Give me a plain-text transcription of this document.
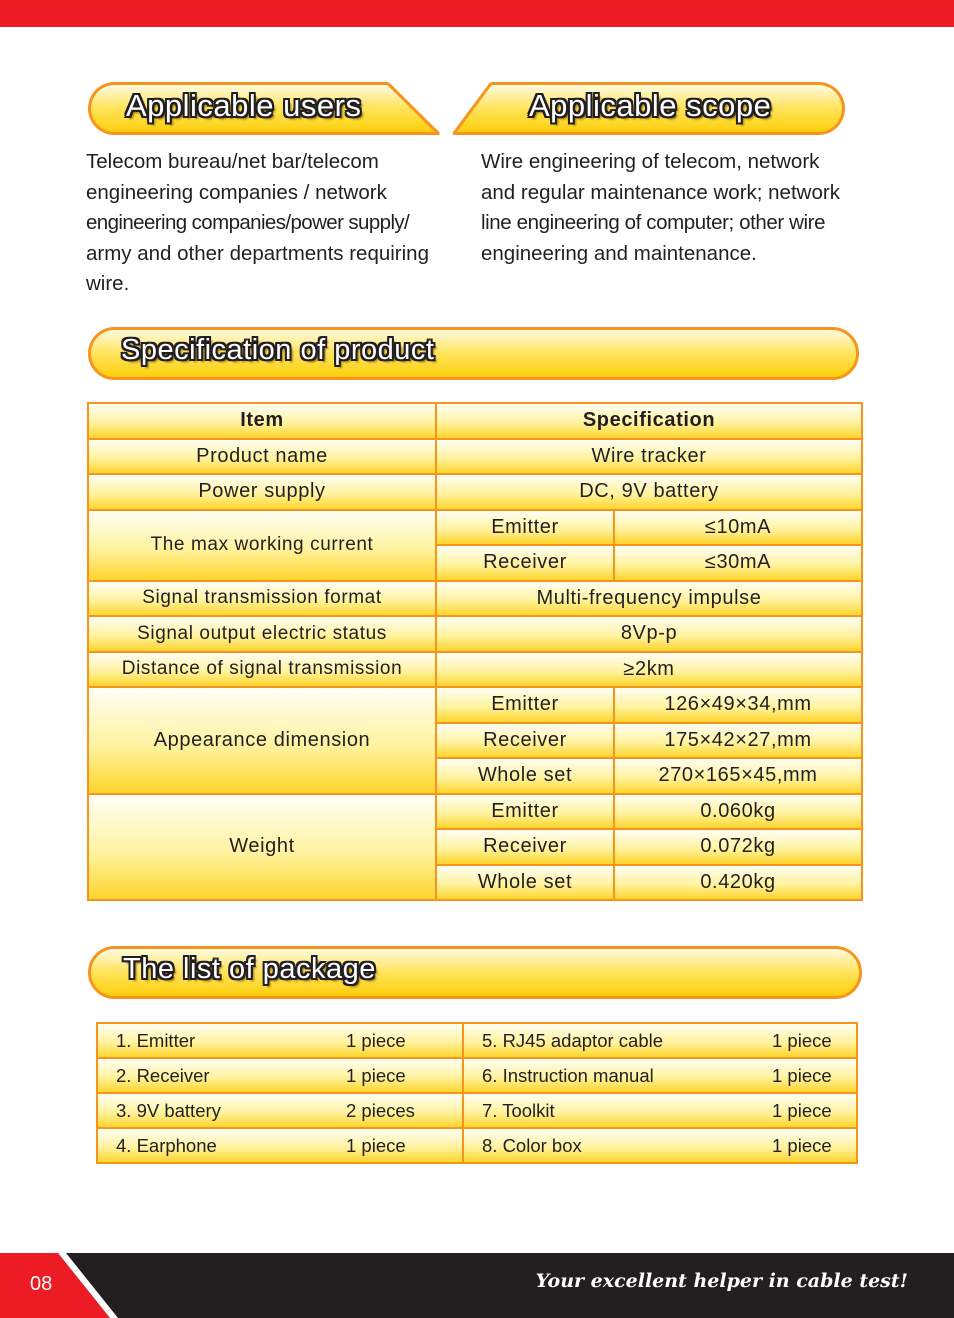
Applicable users	Applicable scope
Telecom bureau/net bar/telecom
engineering companies / network
engineering companies/power supply/
army and other departments requiring
wire.
Wire engineering of telecom, network
and regular maintenance work; network
line engineering of computer; other wire
engineering and maintenance.
Specification of product
Item	Specification	
Product name	Wire tracker	
Power supply	DC, 9V battery	
The max working current	Emitter	≤10mA
	Receiver	≤30mA
Signal transmission format	Multi-frequency impulse	
Signal output electric status	8Vp-p	
Distance of signal transmission	≥2km	
Appearance dimension	Emitter	126×49×34,mm
	Receiver	175×42×27,mm
	Whole set	270×165×45,mm
Weight	Emitter	0.060kg
	Receiver	0.072kg
	Whole set	0.420kg
The list of package
1. Emitter 1 piece	5. RJ45 adaptor cable 1 piece
2. Receiver 1 piece	6. Instruction manual 1 piece
3. 9V battery 2 pieces	7. Toolkit 1 piece
4. Earphone 1 piece	8. Color box 1 piece
08	Your excellent helper in cable test!
